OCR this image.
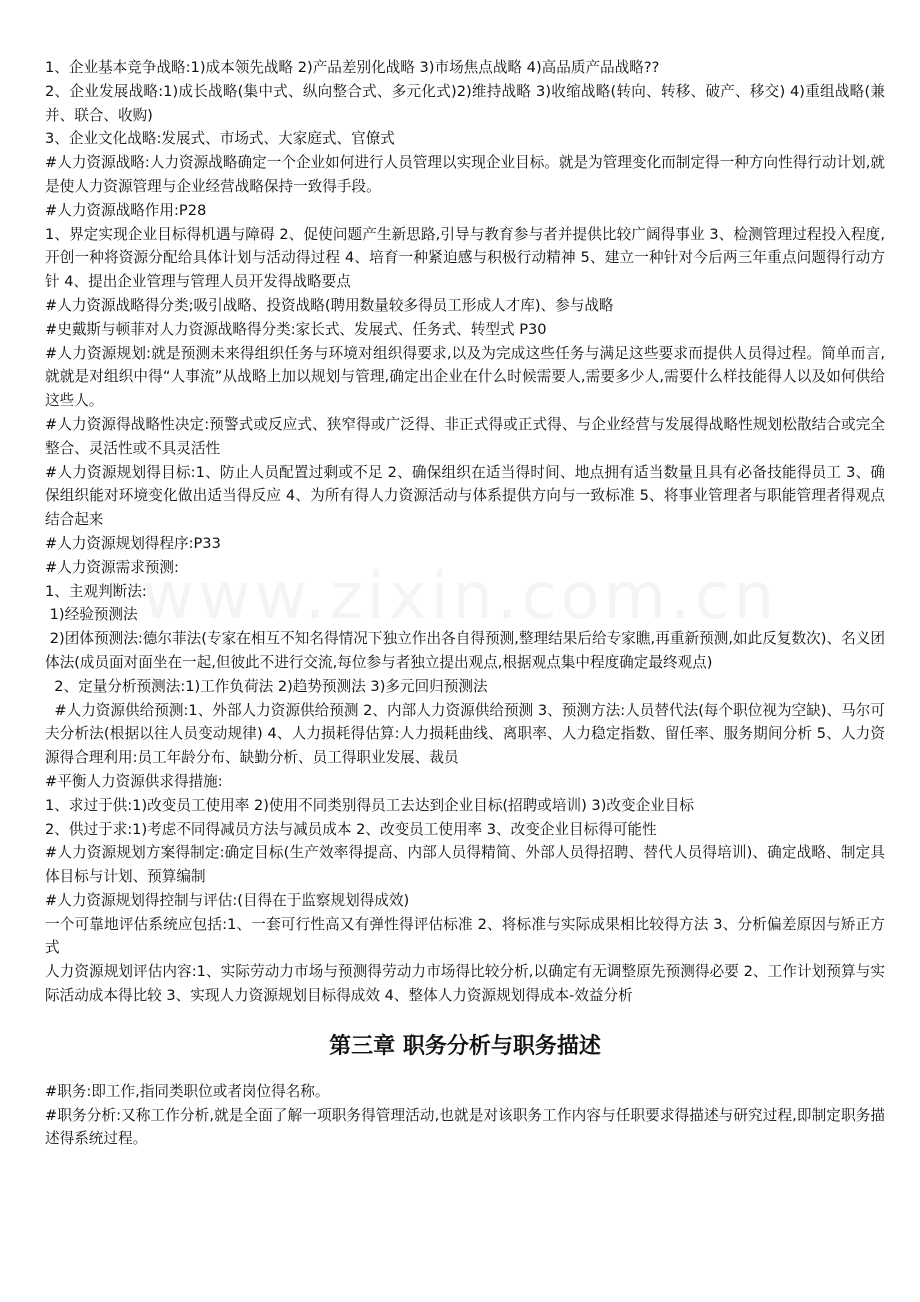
1、企业基本竞争战略:1)成本领先战略 2)产品差别化战略 3)市场焦点战略 4)高品质产品战略??

2、企业发展战略:1)成长战略(集中式、纵向整合式、多元化式)2)维持战略 3)收缩战略(转向、转移、破产、移交) 4)重组战略(兼并、联合、收购)

3、企业文化战略:发展式、市场式、大家庭式、官僚式

#人力资源战略:人力资源战略确定一个企业如何进行人员管理以实现企业目标。就是为管理变化而制定得一种方向性得行动计划,就是使人力资源管理与企业经营战略保持一致得手段。

#人力资源战略作用:P28

1、界定实现企业目标得机遇与障碍 2、促使问题产生新思路,引导与教育参与者并提供比较广阔得事业 3、检测管理过程投入程度,开创一种将资源分配给具体计划与活动得过程 4、培育一种紧迫感与积极行动精神 5、建立一种针对今后两三年重点问题得行动方针 4、提出企业管理与管理人员开发得战略要点

#人力资源战略得分类;吸引战略、投资战略(聘用数量较多得员工形成人才库)、参与战略

#史戴斯与顿菲对人力资源战略得分类:家长式、发展式、任务式、转型式 P30

#人力资源规划:就是预测未来得组织任务与环境对组织得要求,以及为完成这些任务与满足这些要求而提供人员得过程。简单而言,就就是对组织中得“人事流”从战略上加以规划与管理,确定出企业在什么时候需要人,需要多少人,需要什么样技能得人以及如何供给这些人。

#人力资源得战略性决定:预警式或反应式、狭窄得或广泛得、非正式得或正式得、与企业经营与发展得战略性规划松散结合或完全整合、灵活性或不具灵活性

#人力资源规划得目标:1、防止人员配置过剩或不足 2、确保组织在适当得时间、地点拥有适当数量且具有必备技能得员工 3、确保组织能对环境变化做出适当得反应 4、为所有得人力资源活动与体系提供方向与一致标准 5、将事业管理者与职能管理者得观点结合起来

#人力资源规划得程序:P33

#人力资源需求预测:

1、主观判断法:

1)经验预测法

2)团体预测法:德尔菲法(专家在相互不知名得情况下独立作出各自得预测,整理结果后给专家瞧,再重新预测,如此反复数次)、名义团体法(成员面对面坐在一起,但彼此不进行交流,每位参与者独立提出观点,根据观点集中程度确定最终观点)

2、定量分析预测法:1)工作负荷法 2)趋势预测法 3)多元回归预测法

#人力资源供给预测:1、外部人力资源供给预测 2、内部人力资源供给预测 3、预测方法:人员替代法(每个职位视为空缺)、马尔可夫分析法(根据以往人员变动规律) 4、人力损耗得估算:人力损耗曲线、离职率、人力稳定指数、留任率、服务期间分析 5、人力资源得合理利用:员工年龄分布、缺勤分析、员工得职业发展、裁员

#平衡人力资源供求得措施:

1、求过于供:1)改变员工使用率 2)使用不同类别得员工去达到企业目标(招聘或培训) 3)改变企业目标

2、供过于求:1)考虑不同得减员方法与减员成本 2、改变员工使用率 3、改变企业目标得可能性

#人力资源规划方案得制定:确定目标(生产效率得提高、内部人员得精简、外部人员得招聘、替代人员得培训)、确定战略、制定具体目标与计划、预算编制

#人力资源规划得控制与评估:(目得在于监察规划得成效)

一个可靠地评估系统应包括:1、一套可行性高又有弹性得评估标准 2、将标准与实际成果相比较得方法 3、分析偏差原因与矫正方式

人力资源规划评估内容:1、实际劳动力市场与预测得劳动力市场得比较分析,以确定有无调整原先预测得必要 2、工作计划预算与实际活动成本得比较 3、实现人力资源规划目标得成效 4、整体人力资源规划得成本-效益分析

第三章 职务分析与职务描述

#职务:即工作,指同类职位或者岗位得名称。

#职务分析:又称工作分析,就是全面了解一项职务得管理活动,也就是对该职务工作内容与任职要求得描述与研究过程,即制定职务描述得系统过程。
